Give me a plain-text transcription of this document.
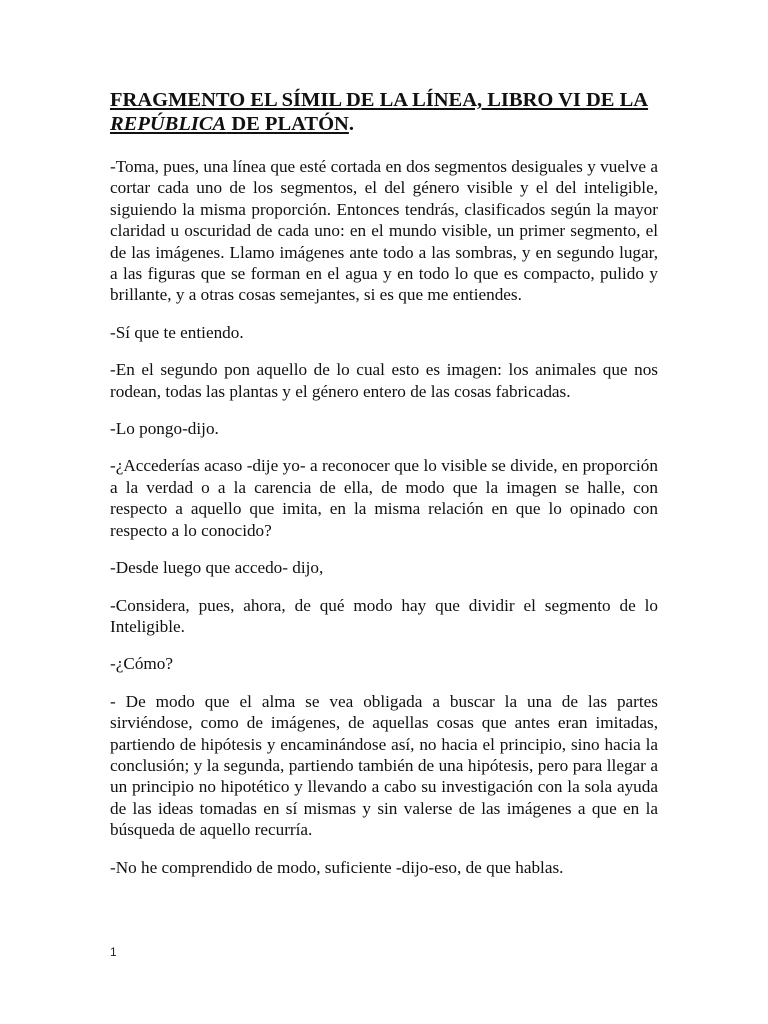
FRAGMENTO EL SÍMIL DE LA LÍNEA, LIBRO VI DE LA REPÚBLICA DE PLATÓN.

-Toma, pues, una línea que esté cortada en dos segmentos desiguales y vuelve a cortar cada uno de los segmentos, el del género visible y el del inteligible, siguiendo la misma proporción. Entonces tendrás, clasificados según la mayor claridad u oscuridad de cada uno: en el mundo visible, un primer segmento, el de las imágenes. Llamo imágenes ante todo a las sombras, y en segundo lugar, a las figuras que se forman en el agua y en todo lo que es compacto, pulido y brillante, y a otras cosas semejantes, si es que me entiendes.

-Sí que te entiendo.

-En el segundo pon aquello de lo cual esto es imagen: los animales que nos rodean, todas las plantas y el género entero de las cosas fabricadas.

-Lo pongo-dijo.

-¿Accederías acaso -dije yo- a reconocer que lo visible se divide, en proporción a la verdad o a la carencia de ella, de modo que la imagen se halle, con respecto a aquello que imita, en la misma relación en que lo opinado con respecto a lo conocido?

-Desde luego que accedo- dijo,

-Considera, pues, ahora, de qué modo hay que dividir el segmento de lo Inteligible.

-¿Cómo?

- De modo que el alma se vea obligada a buscar la una de las partes sirviéndose, como de imágenes, de aquellas cosas que antes eran imitadas, partiendo de hipótesis y encaminándose así, no hacia el principio, sino hacia la conclusión; y la segunda, partiendo también de una hipótesis, pero para llegar a un principio no hipotético y llevando a cabo su investigación con la sola ayuda de las ideas tomadas en sí mismas y sin valerse de las imágenes a que en la búsqueda de aquello recurría.

-No he comprendido de modo, suficiente -dijo-eso, de que hablas.

1
